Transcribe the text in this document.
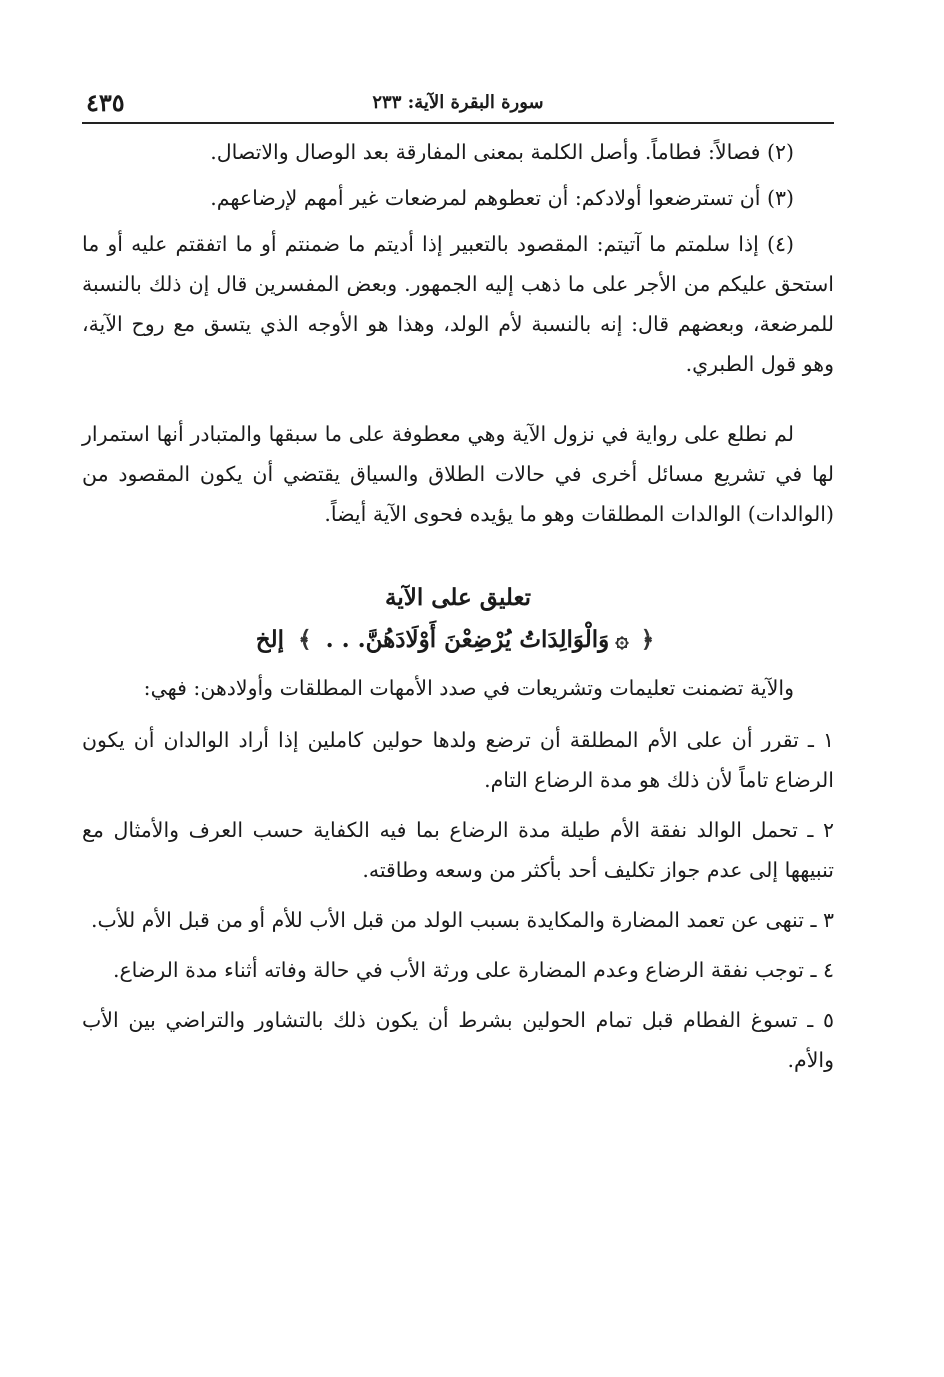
سورة البقرة الآية: ٢٣٣
٤٣٥

(٢) فصالاً: فطاماً. وأصل الكلمة بمعنى المفارقة بعد الوصال والاتصال.

(٣) أن تسترضعوا أولادكم: أن تعطوهم لمرضعات غير أمهم لإرضاعهم.

(٤) إذا سلمتم ما آتيتم: المقصود بالتعبير إذا أديتم ما ضمنتم أو ما اتفقتم عليه أو ما استحق عليكم من الأجر على ما ذهب إليه الجمهور. وبعض المفسرين قال إن ذلك بالنسبة للمرضعة، وبعضهم قال: إنه بالنسبة لأم الولد، وهذا هو الأوجه الذي يتسق مع روح الآية، وهو قول الطبري.

لم نطلع على رواية في نزول الآية وهي معطوفة على ما سبقها والمتبادر أنها استمرار لها في تشريع مسائل أخرى في حالات الطلاق والسياق يقتضي أن يكون المقصود من (الوالدات) الوالدات المطلقات وهو ما يؤيده فحوى الآية أيضاً.

تعليق على الآية
﴿۞وَالْوَالِدَاتُ يُرْضِعْنَ أَوْلَادَهُنَّ. . . ﴾ إلخ

والآية تضمنت تعليمات وتشريعات في صدد الأمهات المطلقات وأولادهن: فهي:

١ ـ تقرر أن على الأم المطلقة أن ترضع ولدها حولين كاملين إذا أراد الوالدان أن يكون الرضاع تاماً لأن ذلك هو مدة الرضاع التام.

٢ ـ تحمل الوالد نفقة الأم طيلة مدة الرضاع بما فيه الكفاية حسب العرف والأمثال مع تنبيهها إلى عدم جواز تكليف أحد بأكثر من وسعه وطاقته.

٣ ـ تنهى عن تعمد المضارة والمكايدة بسبب الولد من قبل الأب للأم أو من قبل الأم للأب.

٤ ـ توجب نفقة الرضاع وعدم المضارة على ورثة الأب في حالة وفاته أثناء مدة الرضاع.

٥ ـ تسوغ الفطام قبل تمام الحولين بشرط أن يكون ذلك بالتشاور والتراضي بين الأب والأم.
